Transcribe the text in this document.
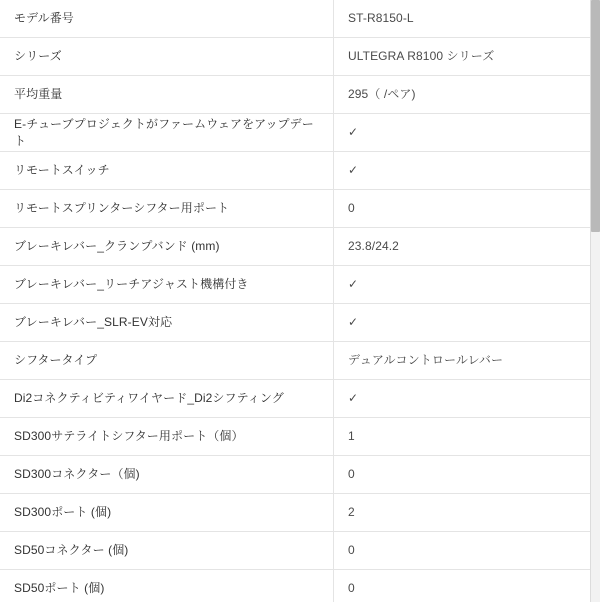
モデル番号	ST-R8150-L
シリーズ	ULTEGRA R8100 シリーズ
平均重量	295（ /ペア)
E-チューブプロジェクトがファームウェアをアップデート	✓
リモートスイッチ	✓
リモートスプリンターシフター用ポート	0
ブレーキレバー_クランプバンド (mm)	23.8/24.2
ブレーキレバー_リーチアジャスト機構付き	✓
ブレーキレバー_SLR-EV対応	✓
シフタータイプ	デュアルコントロールレバー
Di2コネクティビティワイヤード_Di2シフティング	✓
SD300サテライトシフター用ポート（個）	1
SD300コネクター（個)	0
SD300ポート (個)	2
SD50コネクター (個)	0
SD50ポート (個)	0
